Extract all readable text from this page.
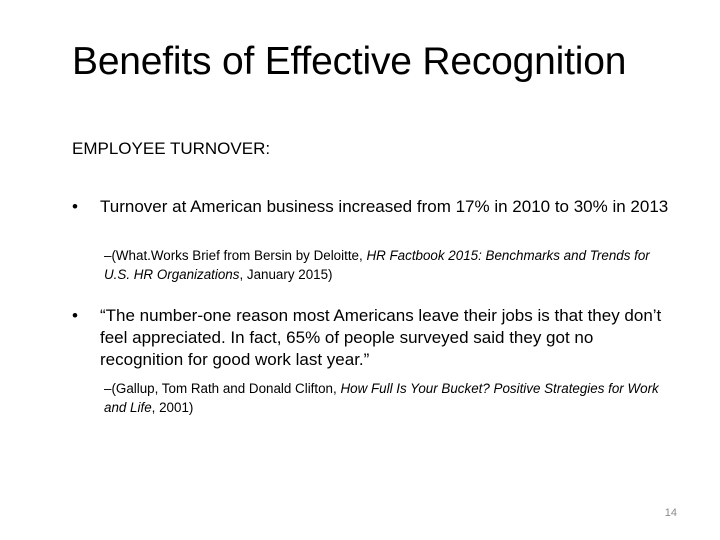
Benefits of Effective Recognition
EMPLOYEE TURNOVER:
•	Turnover at American business increased from 17% in 2010 to 30% in 2013
–(What.Works Brief from Bersin by Deloitte, HR Factbook 2015: Benchmarks and Trends for U.S. HR Organizations, January 2015)
•	“The number-one reason most Americans leave their jobs is that they don’t feel appreciated. In fact, 65% of people surveyed said they got no recognition for good work last year.”
–(Gallup, Tom Rath and Donald Clifton, How Full Is Your Bucket? Positive Strategies for Work and Life, 2001)
14
